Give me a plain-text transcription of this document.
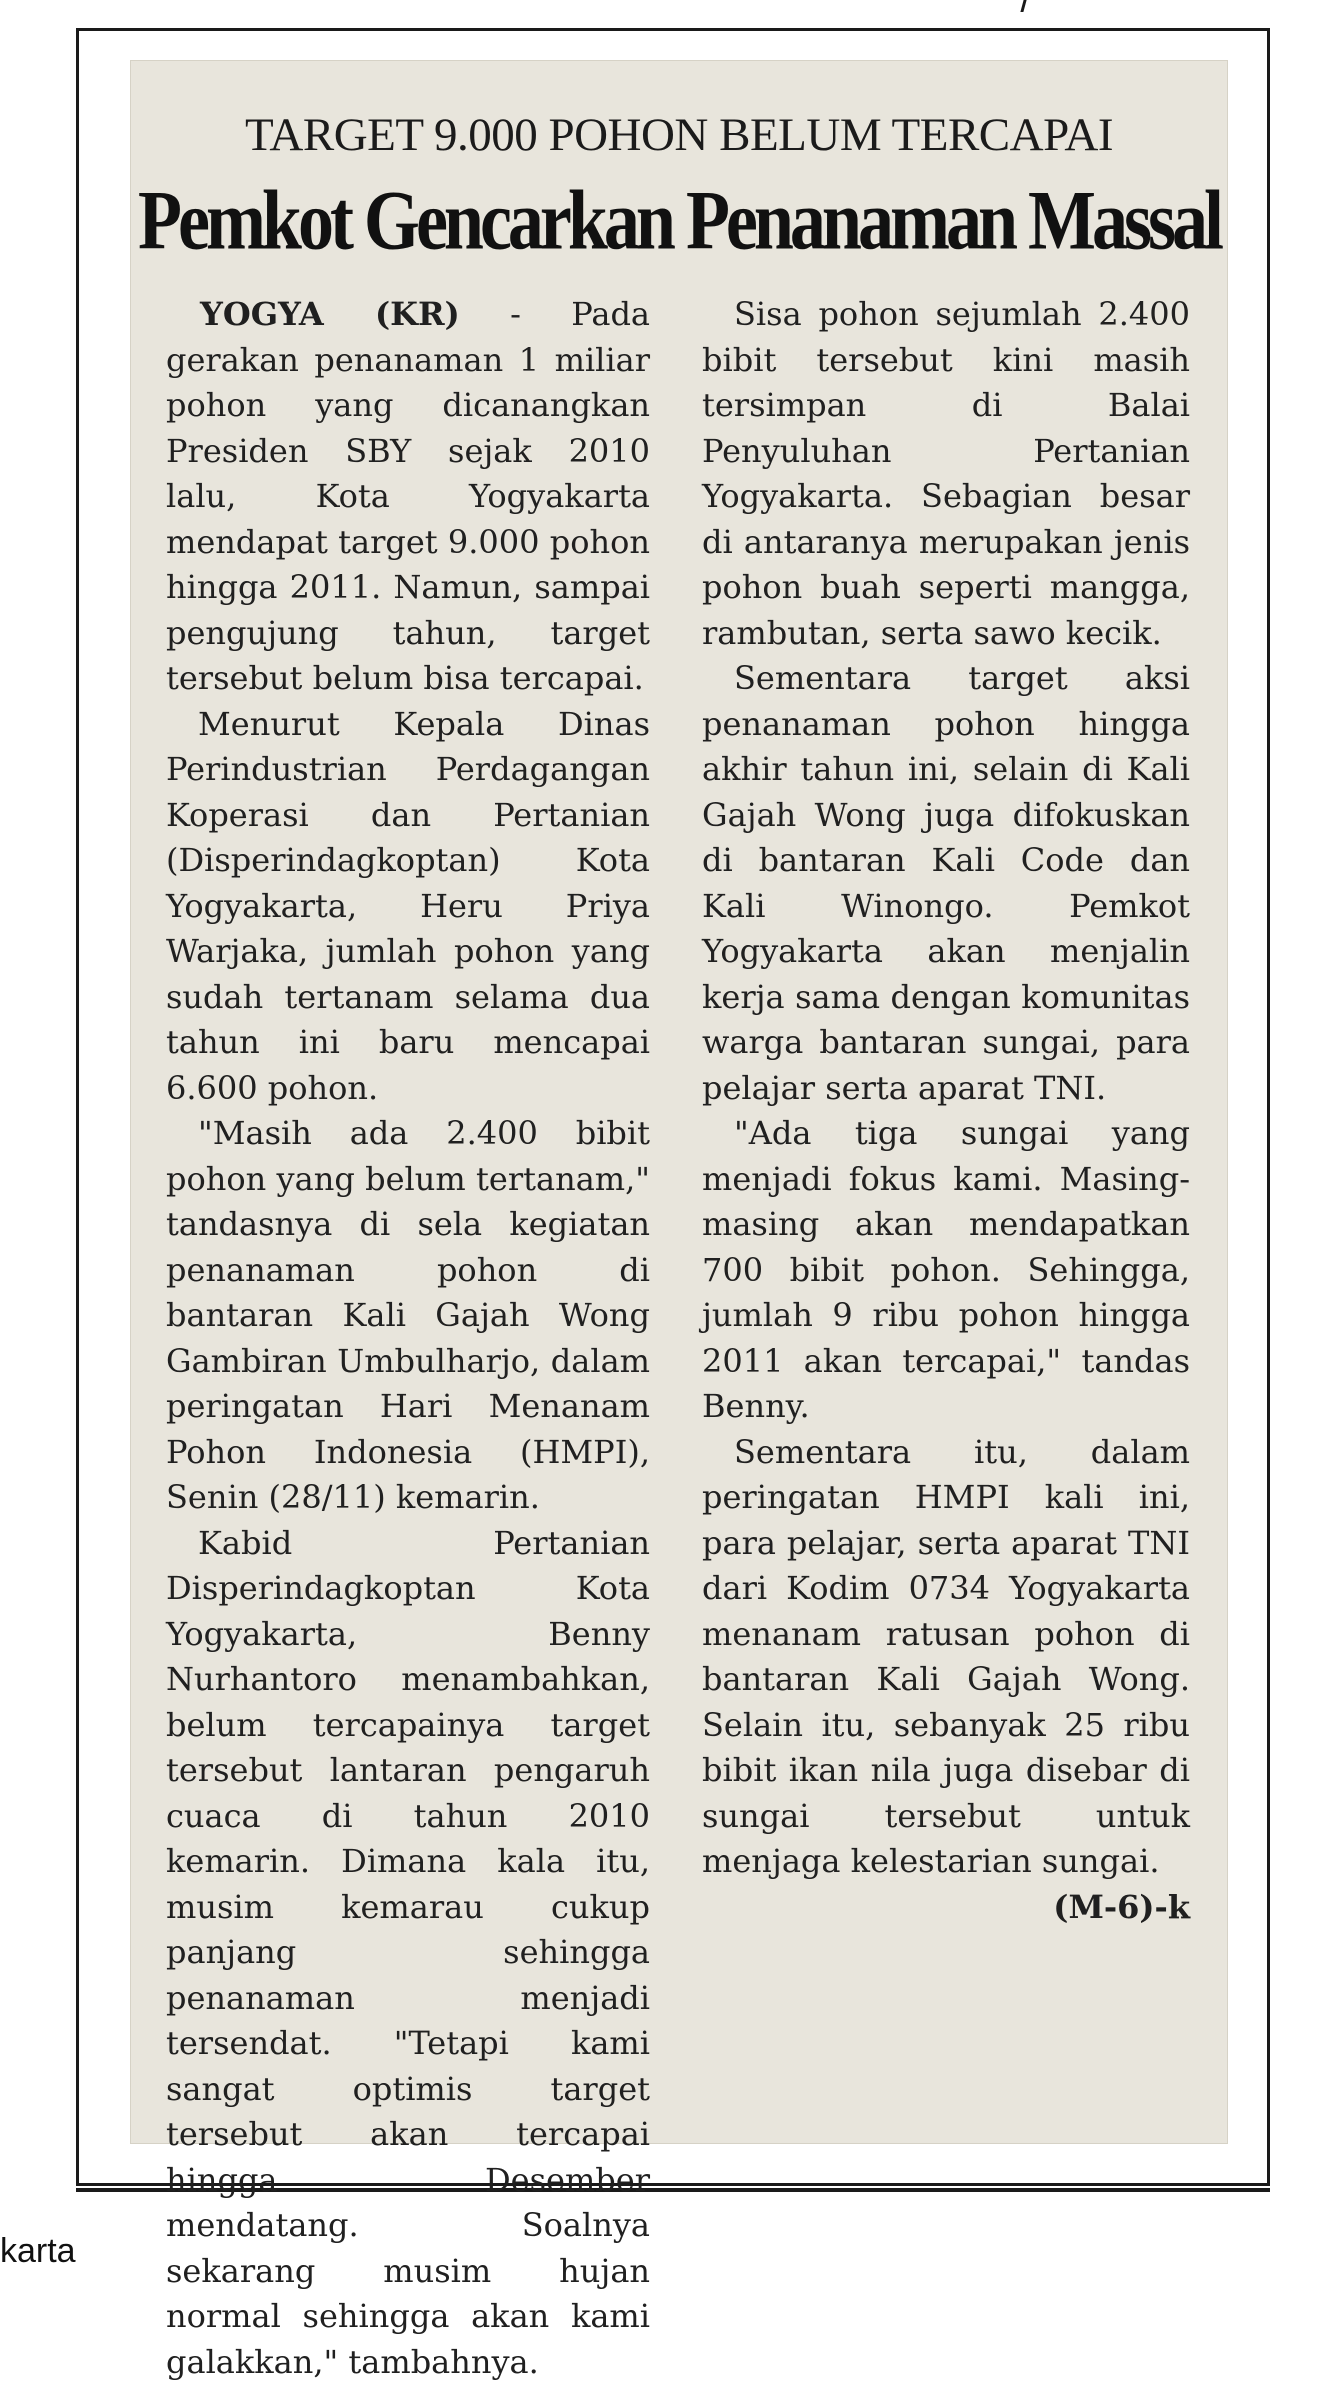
TARGET 9.000 POHON BELUM TERCAPAI
Pemkot Gencarkan Penanaman Massal

YOGYA (KR) - Pada gerakan penanaman 1 miliar pohon yang dicanangkan Presiden SBY sejak 2010 lalu, Kota Yogyakarta mendapat target 9.000 pohon hingga 2011. Namun, sampai pengujung tahun, target tersebut belum bisa tercapai.

Menurut Kepala Dinas Perindustrian Perdagangan Koperasi dan Pertanian (Disperindagkoptan) Kota Yogyakarta, Heru Priya Warjaka, jumlah pohon yang sudah tertanam selama dua tahun ini baru mencapai 6.600 pohon.

"Masih ada 2.400 bibit pohon yang belum tertanam," tandasnya di sela kegiatan penanaman pohon di bantaran Kali Gajah Wong Gambiran Umbulharjo, dalam peringatan Hari Menanam Pohon Indonesia (HMPI), Senin (28/11) kemarin.

Kabid Pertanian Disperindagkoptan Kota Yogyakarta, Benny Nurhantoro menambahkan, belum tercapainya target tersebut lantaran pengaruh cuaca di tahun 2010 kemarin. Dimana kala itu, musim kemarau cukup panjang sehingga penanaman menjadi tersendat. "Tetapi kami sangat optimis target tersebut akan tercapai hingga Desember mendatang. Soalnya sekarang musim hujan normal sehingga akan kami galakkan," tambahnya.

Sisa pohon sejumlah 2.400 bibit tersebut kini masih tersimpan di Balai Penyuluhan Pertanian Yogyakarta. Sebagian besar di antaranya merupakan jenis pohon buah seperti mangga, rambutan, serta sawo kecik.

Sementara target aksi penanaman pohon hingga akhir tahun ini, selain di Kali Gajah Wong juga difokuskan di bantaran Kali Code dan Kali Winongo. Pemkot Yogyakarta akan menjalin kerja sama dengan komunitas warga bantaran sungai, para pelajar serta aparat TNI.

"Ada tiga sungai yang menjadi fokus kami. Masing-masing akan mendapatkan 700 bibit pohon. Sehingga, jumlah 9 ribu pohon hingga 2011 akan tercapai," tandas Benny.

Sementara itu, dalam peringatan HMPI kali ini, para pelajar, serta aparat TNI dari Kodim 0734 Yogyakarta menanam ratusan pohon di bantaran Kali Gajah Wong. Selain itu, sebanyak 25 ribu bibit ikan nila juga disebar di sungai tersebut untuk menjaga kelestarian sungai.

(M-6)-k

karta
